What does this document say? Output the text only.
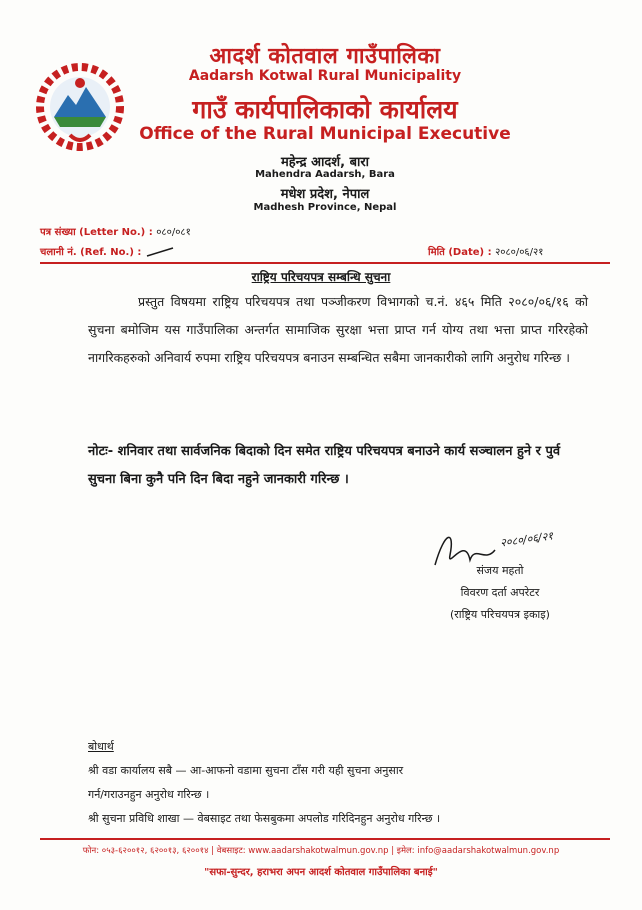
आदर्श कोतवाल गाउँपालिका
Aadarsh Kotwal Rural Municipality
गाउँ कार्यपालिकाको कार्यालय
Office of the Rural Municipal Executive
महेन्द्र आदर्श, बारा
Mahendra Aadarsh, Bara
मधेश प्रदेश, नेपाल
Madhesh Province, Nepal
पत्र संख्या (Letter No.) : ०८०/०८१
चलानी नं. (Ref. No.) :	मिति (Date) : २०८०/०६/२१
राष्ट्रिय परिचयपत्र सम्बन्धि सुचना
प्रस्तुत विषयमा राष्ट्रिय परिचयपत्र तथा पञ्जीकरण विभागको च.नं. ४६५ मिति २०८०/०६/१६ को सुचना बमोजिम यस गाउँपालिका अन्तर्गत सामाजिक सुरक्षा भत्ता प्राप्त गर्न योग्य तथा भत्ता प्राप्त गरिरहेको नागरिकहरुको अनिवार्य रुपमा राष्ट्रिय परिचयपत्र बनाउन सम्बन्धित सबैमा जानकारीको लागि अनुरोध गरिन्छ ।
नोटः- शनिवार तथा सार्वजनिक बिदाको दिन समेत राष्ट्रिय परिचयपत्र बनाउने कार्य सञ्चालन हुने र पुर्व सुचना बिना कुनै पनि दिन बिदा नहुने जानकारी गरिन्छ ।
२०८०/०६/२१
संजय महतो
विवरण दर्ता अपरेटर
(राष्ट्रिय परिचयपत्र इकाइ)
बोधार्थ
श्री वडा कार्यालय सबै — आ-आफनो वडामा सुचना टाँस गरी यही सुचना अनुसार
गर्न/गराउनहुन अनुरोध गरिन्छ ।
श्री सुचना प्रविधि शाखा — वेबसाइट तथा फेसबुकमा अपलोड गरिदिनहुन अनुरोध गरिन्छ ।
फोन: ०५३-६२००१२, ६२००१३, ६२००१४ | वेबसाइट: www.aadarshakotwalmun.gov.np | इमेल: info@aadarshakotwalmun.gov.np
"सफा-सुन्दर, हराभरा अपन आदर्श कोतवाल गाउँपालिका बनाई"
